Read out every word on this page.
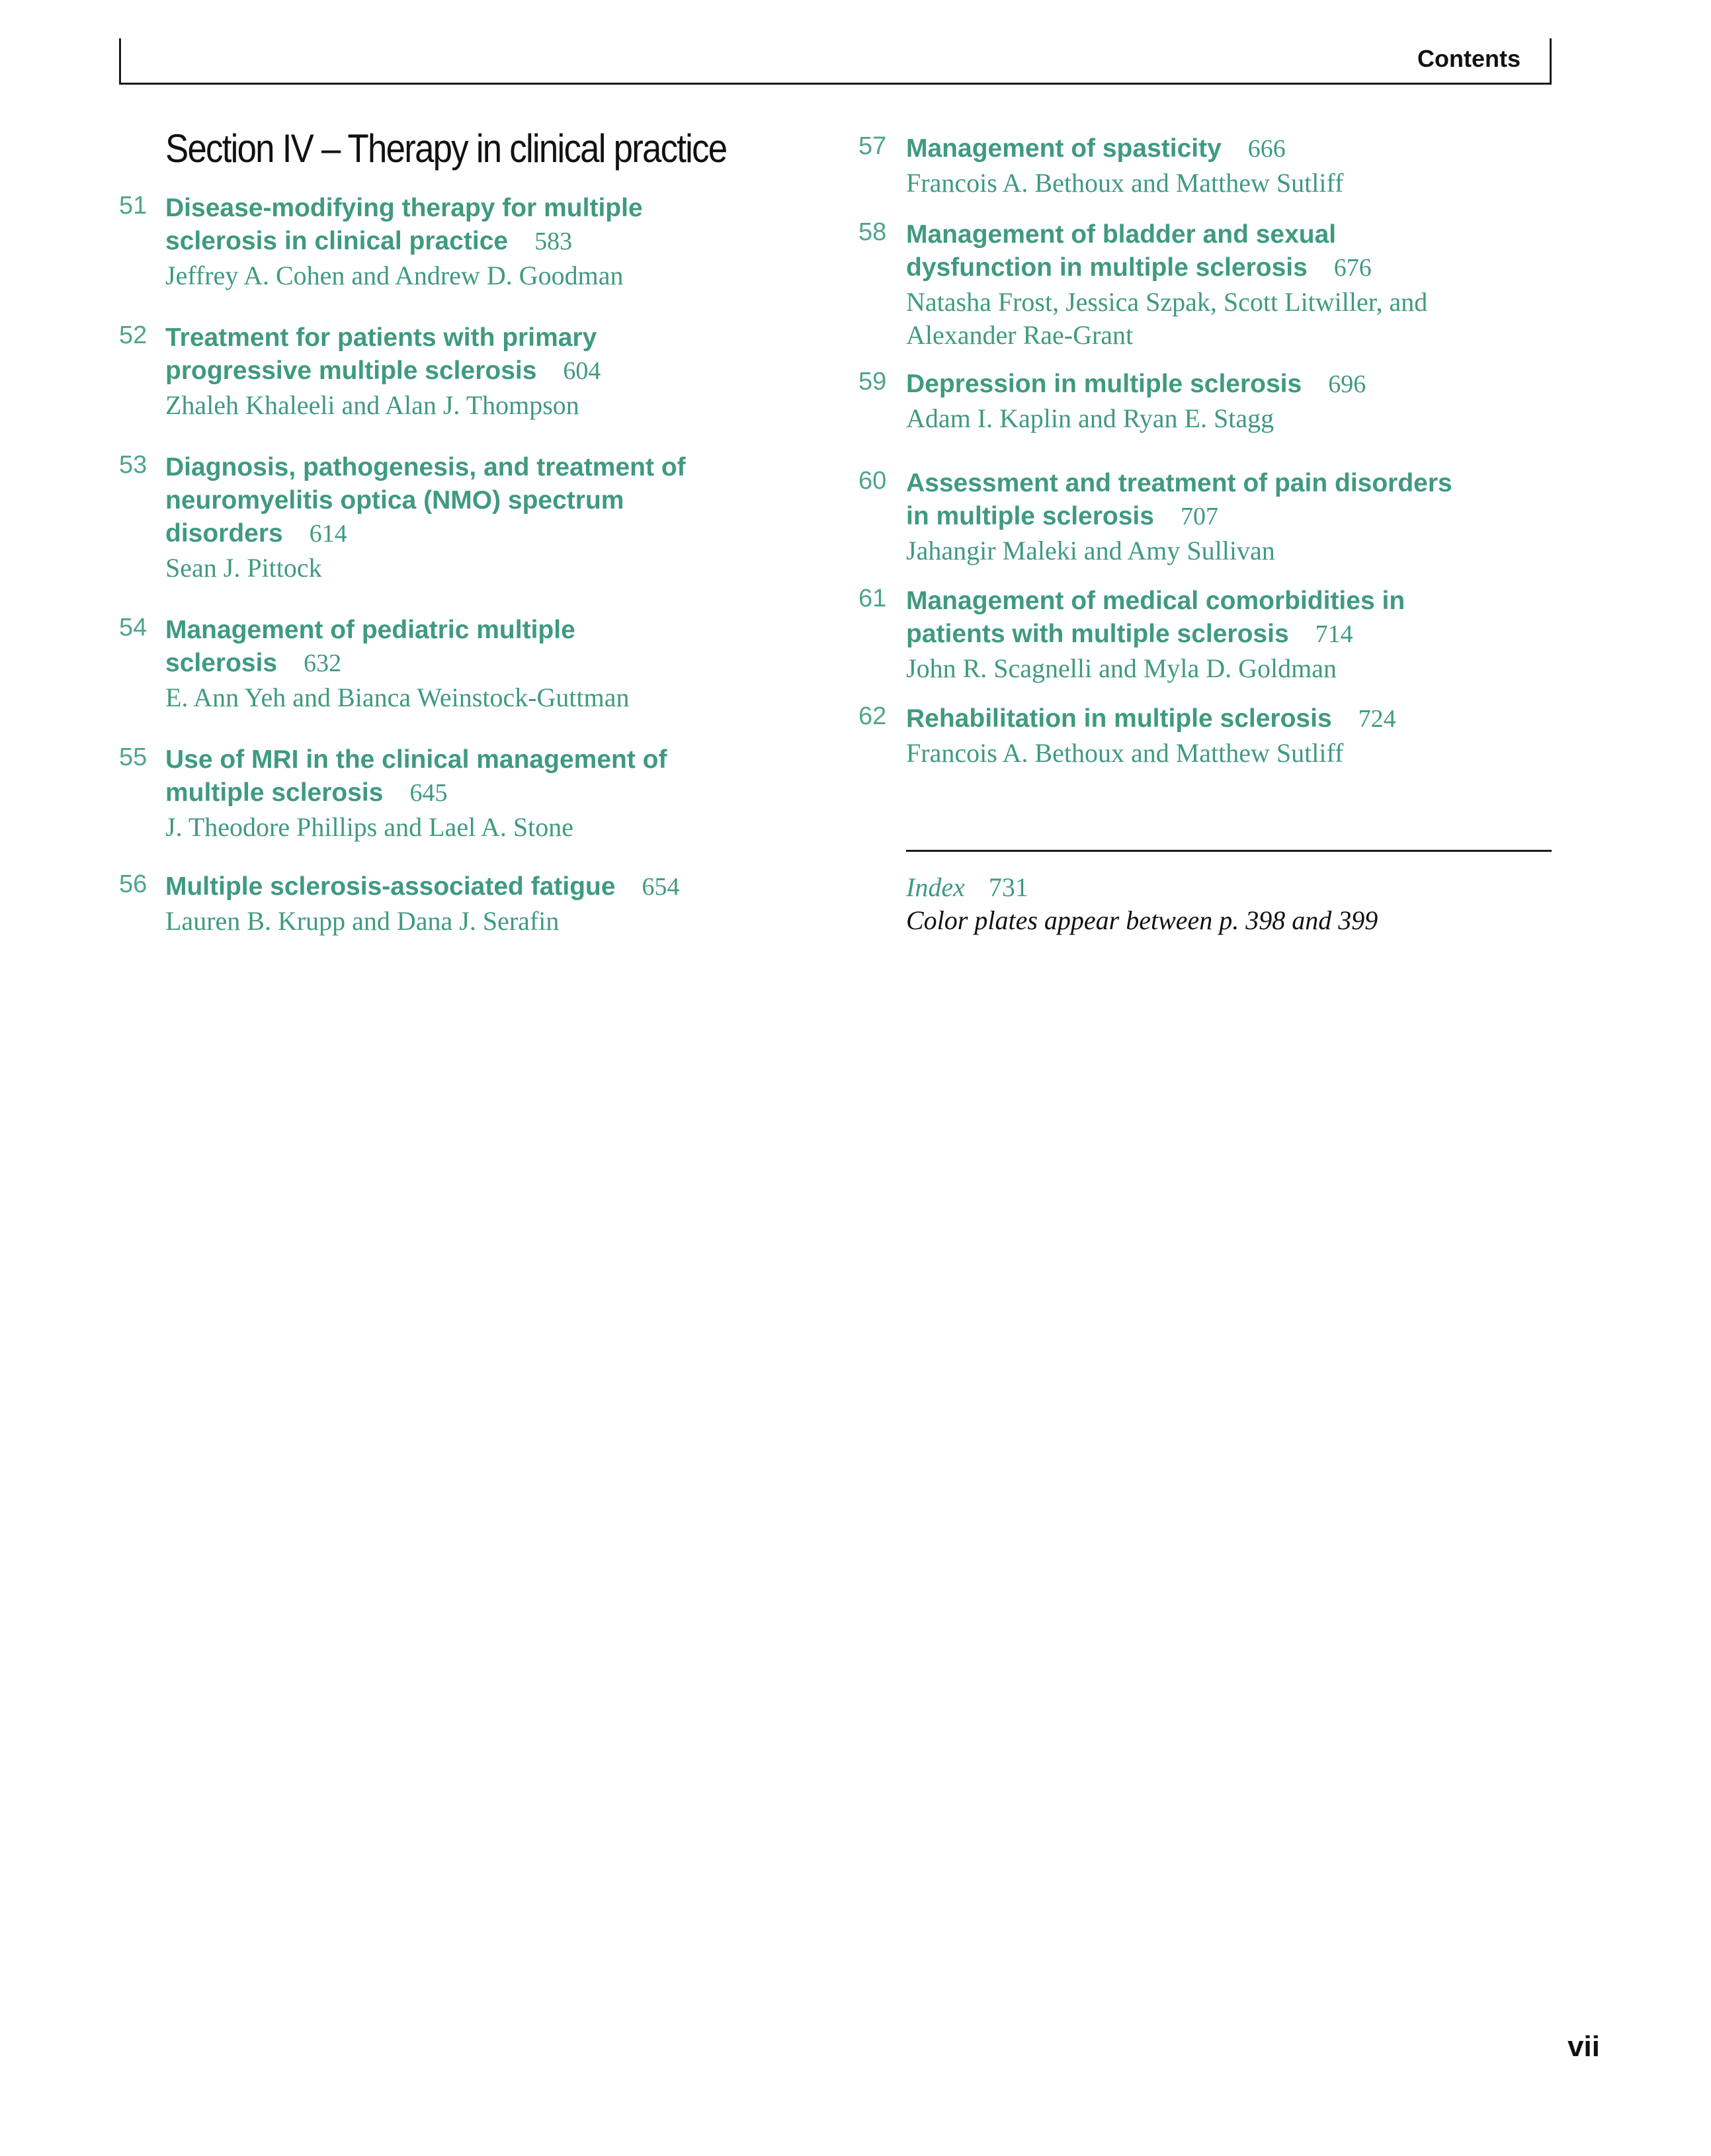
Contents
Section IV – Therapy in clinical practice
51 Disease-modifying therapy for multiple
sclerosis in clinical practice 583
Jeffrey A. Cohen and Andrew D. Goodman
52 Treatment for patients with primary
progressive multiple sclerosis 604
Zhaleh Khaleeli and Alan J. Thompson
53 Diagnosis, pathogenesis, and treatment of
neuromyelitis optica (NMO) spectrum
disorders 614
Sean J. Pittock
54 Management of pediatric multiple
sclerosis 632
E. Ann Yeh and Bianca Weinstock-Guttman
55 Use of MRI in the clinical management of
multiple sclerosis 645
J. Theodore Phillips and Lael A. Stone
56 Multiple sclerosis-associated fatigue 654
Lauren B. Krupp and Dana J. Serafin
57 Management of spasticity 666
Francois A. Bethoux and Matthew Sutliff
58 Management of bladder and sexual
dysfunction in multiple sclerosis 676
Natasha Frost, Jessica Szpak, Scott Litwiller, and
Alexander Rae-Grant
59 Depression in multiple sclerosis 696
Adam I. Kaplin and Ryan E. Stagg
60 Assessment and treatment of pain disorders
in multiple sclerosis 707
Jahangir Maleki and Amy Sullivan
61 Management of medical comorbidities in
patients with multiple sclerosis 714
John R. Scagnelli and Myla D. Goldman
62 Rehabilitation in multiple sclerosis 724
Francois A. Bethoux and Matthew Sutliff
Index 731
Color plates appear between p. 398 and 399
vii
